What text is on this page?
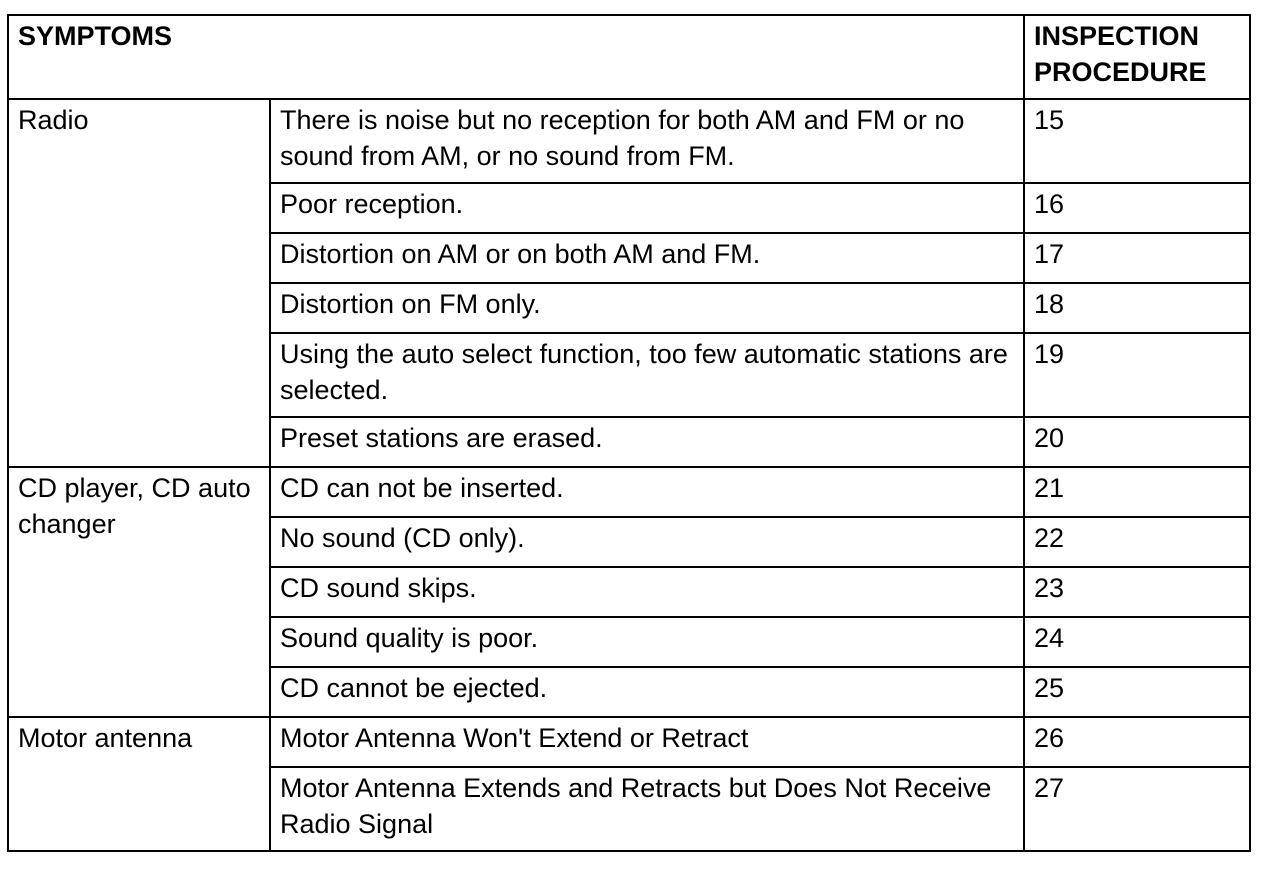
SYMPTOMS		INSPECTION
PROCEDURE
Radio	There is noise but no reception for both AM and FM or no sound from AM, or no sound from FM.	15
	Poor reception.	16
	Distortion on AM or on both AM and FM.	17
	Distortion on FM only.	18
	Using the auto select function, too few automatic stations are selected.	19
	Preset stations are erased.	20
CD player, CD auto changer	CD can not be inserted.	21
	No sound (CD only).	22
	CD sound skips.	23
	Sound quality is poor.	24
	CD cannot be ejected.	25
Motor antenna	Motor Antenna Won't Extend or Retract	26
	Motor Antenna Extends and Retracts but Does Not Receive Radio Signal	27
